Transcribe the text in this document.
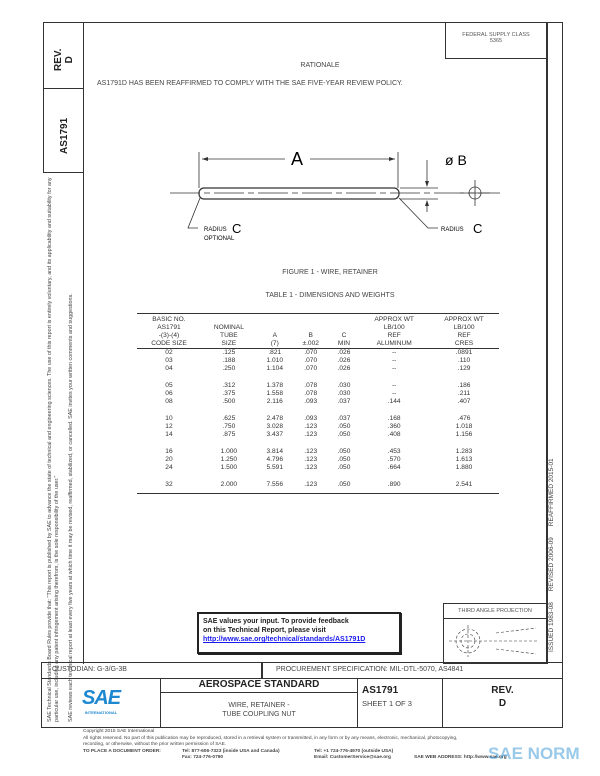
REV. D
AS1791
SAE Technical Standards Board Rules provide that: "This report is published by SAE to advance the state of technical and engineering sciences. The use of this report is entirely voluntary, and its applicability and suitability for any particular use, including any patent infringement arising therefrom, is the sole responsibility of the user." SAE reviews each technical report at least every five years at which time it may be revised, reaffirmed, stabilized, or cancelled. SAE invites your written comments and suggestions.
FEDERAL SUPPLY CLASS
5365
RATIONALE
AS1791D HAS BEEN REAFFIRMED TO COMPLY WITH THE SAE FIVE-YEAR REVIEW POLICY.
A	ø B
RADIUS C
OPTIONAL
RADIUS C
FIGURE 1 - WIRE, RETAINER
TABLE 1 - DIMENSIONS AND WEIGHTS
BASIC NO.					APPROX WT	APPROX WT
AS1791	NOMINAL				LB/100	LB/100
-(3)-(4)	TUBE	A	B	C	REF	REF
CODE SIZE	SIZE	(7)	±.002	MIN	ALUMINUM	CRES
02	.125	.821	.070	.026	--	.0891
03	.188	1.010	.070	.026	--	.110
04	.250	1.104	.070	.026	--	.129

05	.312	1.378	.078	.030	--	.186
06	.375	1.558	.078	.030	--	.211
08	.500	2.116	.093	.037	.144	.407

10	.625	2.478	.093	.037	.168	.476
12	.750	3.028	.123	.050	.360	1.018
14	.875	3.437	.123	.050	.408	1.156

16	1.000	3.814	.123	.050	.453	1.283
20	1.250	4.796	.123	.050	.570	1.613
24	1.500	5.591	.123	.050	.664	1.880

32	2.000	7.556	.123	.050	.890	2.541

ISSUED 1983-08      REVISED 2006-09      REAFFIRMED 2015-01
SAE values your input. To provide feedback
on this Technical Report, please visit
http://www.sae.org/technical/standards/AS1791D
THIRD ANGLE PROJECTION
CUSTODIAN: G-3/G-3B	PROCUREMENT SPECIFICATION: MIL-DTL-5070, AS4841
SAE
INTERNATIONAL
AEROSPACE STANDARD
WIRE, RETAINER -
TUBE COUPLING NUT
AS1791
SHEET 1 OF 3
REV.
D
Copyright 2015 SAE International
All rights reserved. No part of this publication may be reproduced, stored in a retrieval system or transmitted, in any form or by any means, electronic, mechanical, photocopying,
recording, or otherwise, without the prior written permission of SAE.
TO PLACE A DOCUMENT ORDER:	Tel: 877-606-7323 (inside USA and Canada)
Fax: 724-776-0790
Tel: +1 724-776-4970 (outside USA)
Email: CustomerService@sae.org	SAE WEB ADDRESS: http://www.sae.org
SAE NORM
